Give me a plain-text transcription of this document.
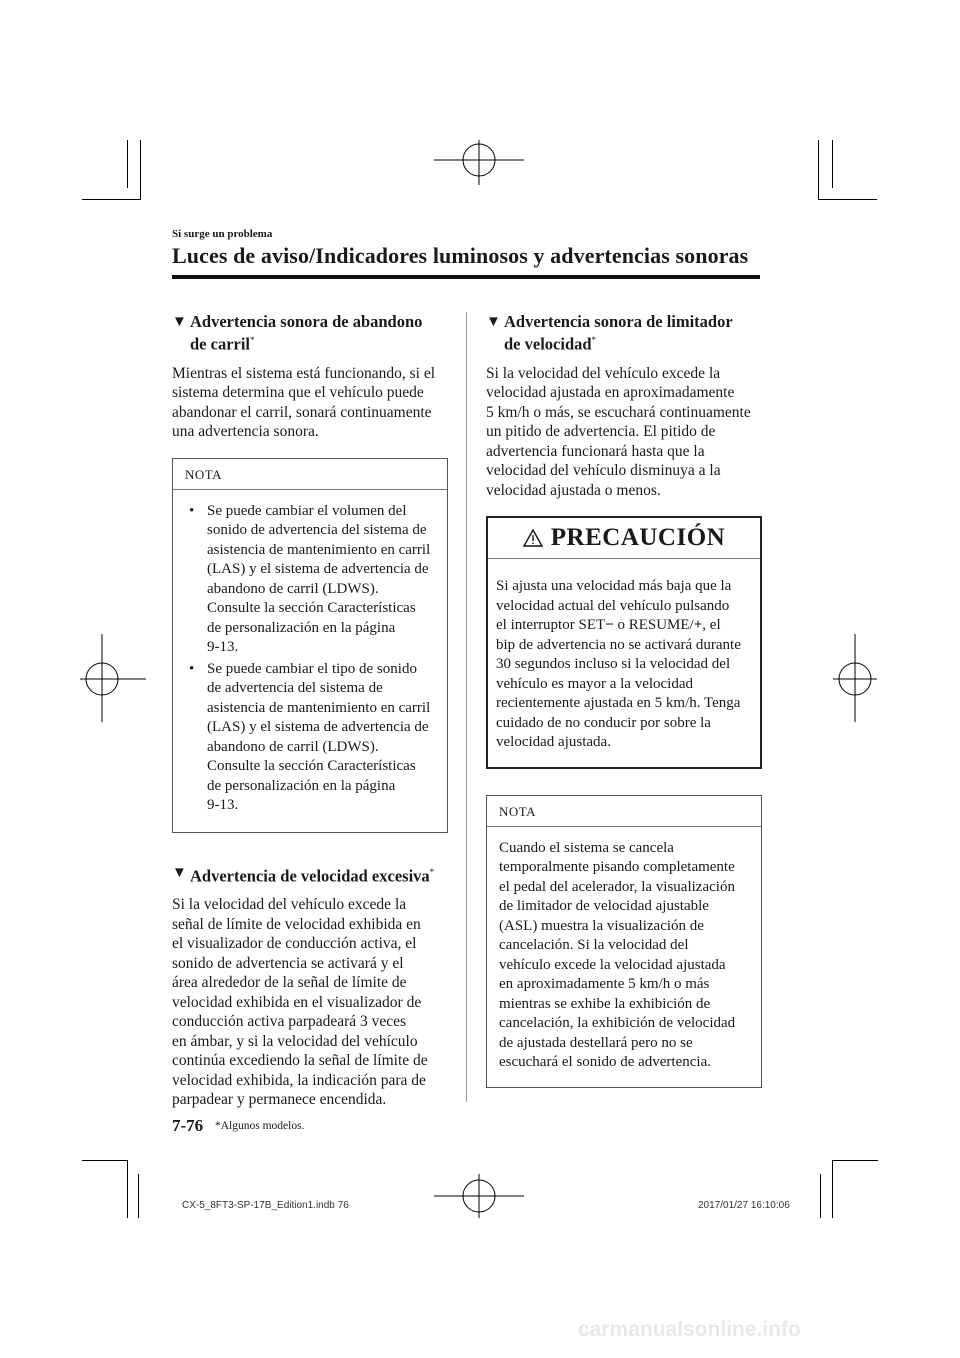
Si surge un problema
Luces de aviso/Indicadores luminosos y advertencias sonoras
▼ Advertencia sonora de abandono
de carril*

Mientras el sistema está funcionando, si el
sistema determina que el vehículo puede
abandonar el carril, sonará continuamente
una advertencia sonora.

NOTA
• Se puede cambiar el volumen del
sonido de advertencia del sistema de
asistencia de mantenimiento en carril
(LAS) y el sistema de advertencia de
abandono de carril (LDWS).
Consulte la sección Características
de personalización en la página
9-13.
• Se puede cambiar el tipo de sonido
de advertencia del sistema de
asistencia de mantenimiento en carril
(LAS) y el sistema de advertencia de
abandono de carril (LDWS).
Consulte la sección Características
de personalización en la página
9-13.
▼ Advertencia de velocidad excesiva*

Si la velocidad del vehículo excede la
señal de límite de velocidad exhibida en
el visualizador de conducción activa, el
sonido de advertencia se activará y el
área alrededor de la señal de límite de
velocidad exhibida en el visualizador de
conducción activa parpadeará 3 veces
en ámbar, y si la velocidad del vehículo
continúa excediendo la señal de límite de
velocidad exhibida, la indicación para de
parpadear y permanece encendida.

▼ Advertencia sonora de limitador
de velocidad*

Si la velocidad del vehículo excede la
velocidad ajustada en aproximadamente
5 km/h o más, se escuchará continuamente
un pitido de advertencia. El pitido de
advertencia funcionará hasta que la
velocidad del vehículo disminuya a la
velocidad ajustada o menos.

PRECAUCIÓN
Si ajusta una velocidad más baja que la
velocidad actual del vehículo pulsando
el interruptor SET− o RESUME/+, el
bip de advertencia no se activará durante
30 segundos incluso si la velocidad del
vehículo es mayor a la velocidad
recientemente ajustada en 5 km/h. Tenga
cuidado de no conducir por sobre la
velocidad ajustada.
NOTA

Cuando el sistema se cancela
temporalmente pisando completamente
el pedal del acelerador, la visualización
de limitador de velocidad ajustable
(ASL) muestra la visualización de
cancelación. Si la velocidad del
vehículo excede la velocidad ajustada
en aproximadamente 5 km/h o más
mientras se exhibe la exhibición de
cancelación, la exhibición de velocidad
de ajustada destellará pero no se
escuchará el sonido de advertencia.

7-76 *Algunos modelos.
CX-5_8FT3-SP-17B_Edition1.indb 76	2017/01/27 16:10:06
carmanualsonline.info
